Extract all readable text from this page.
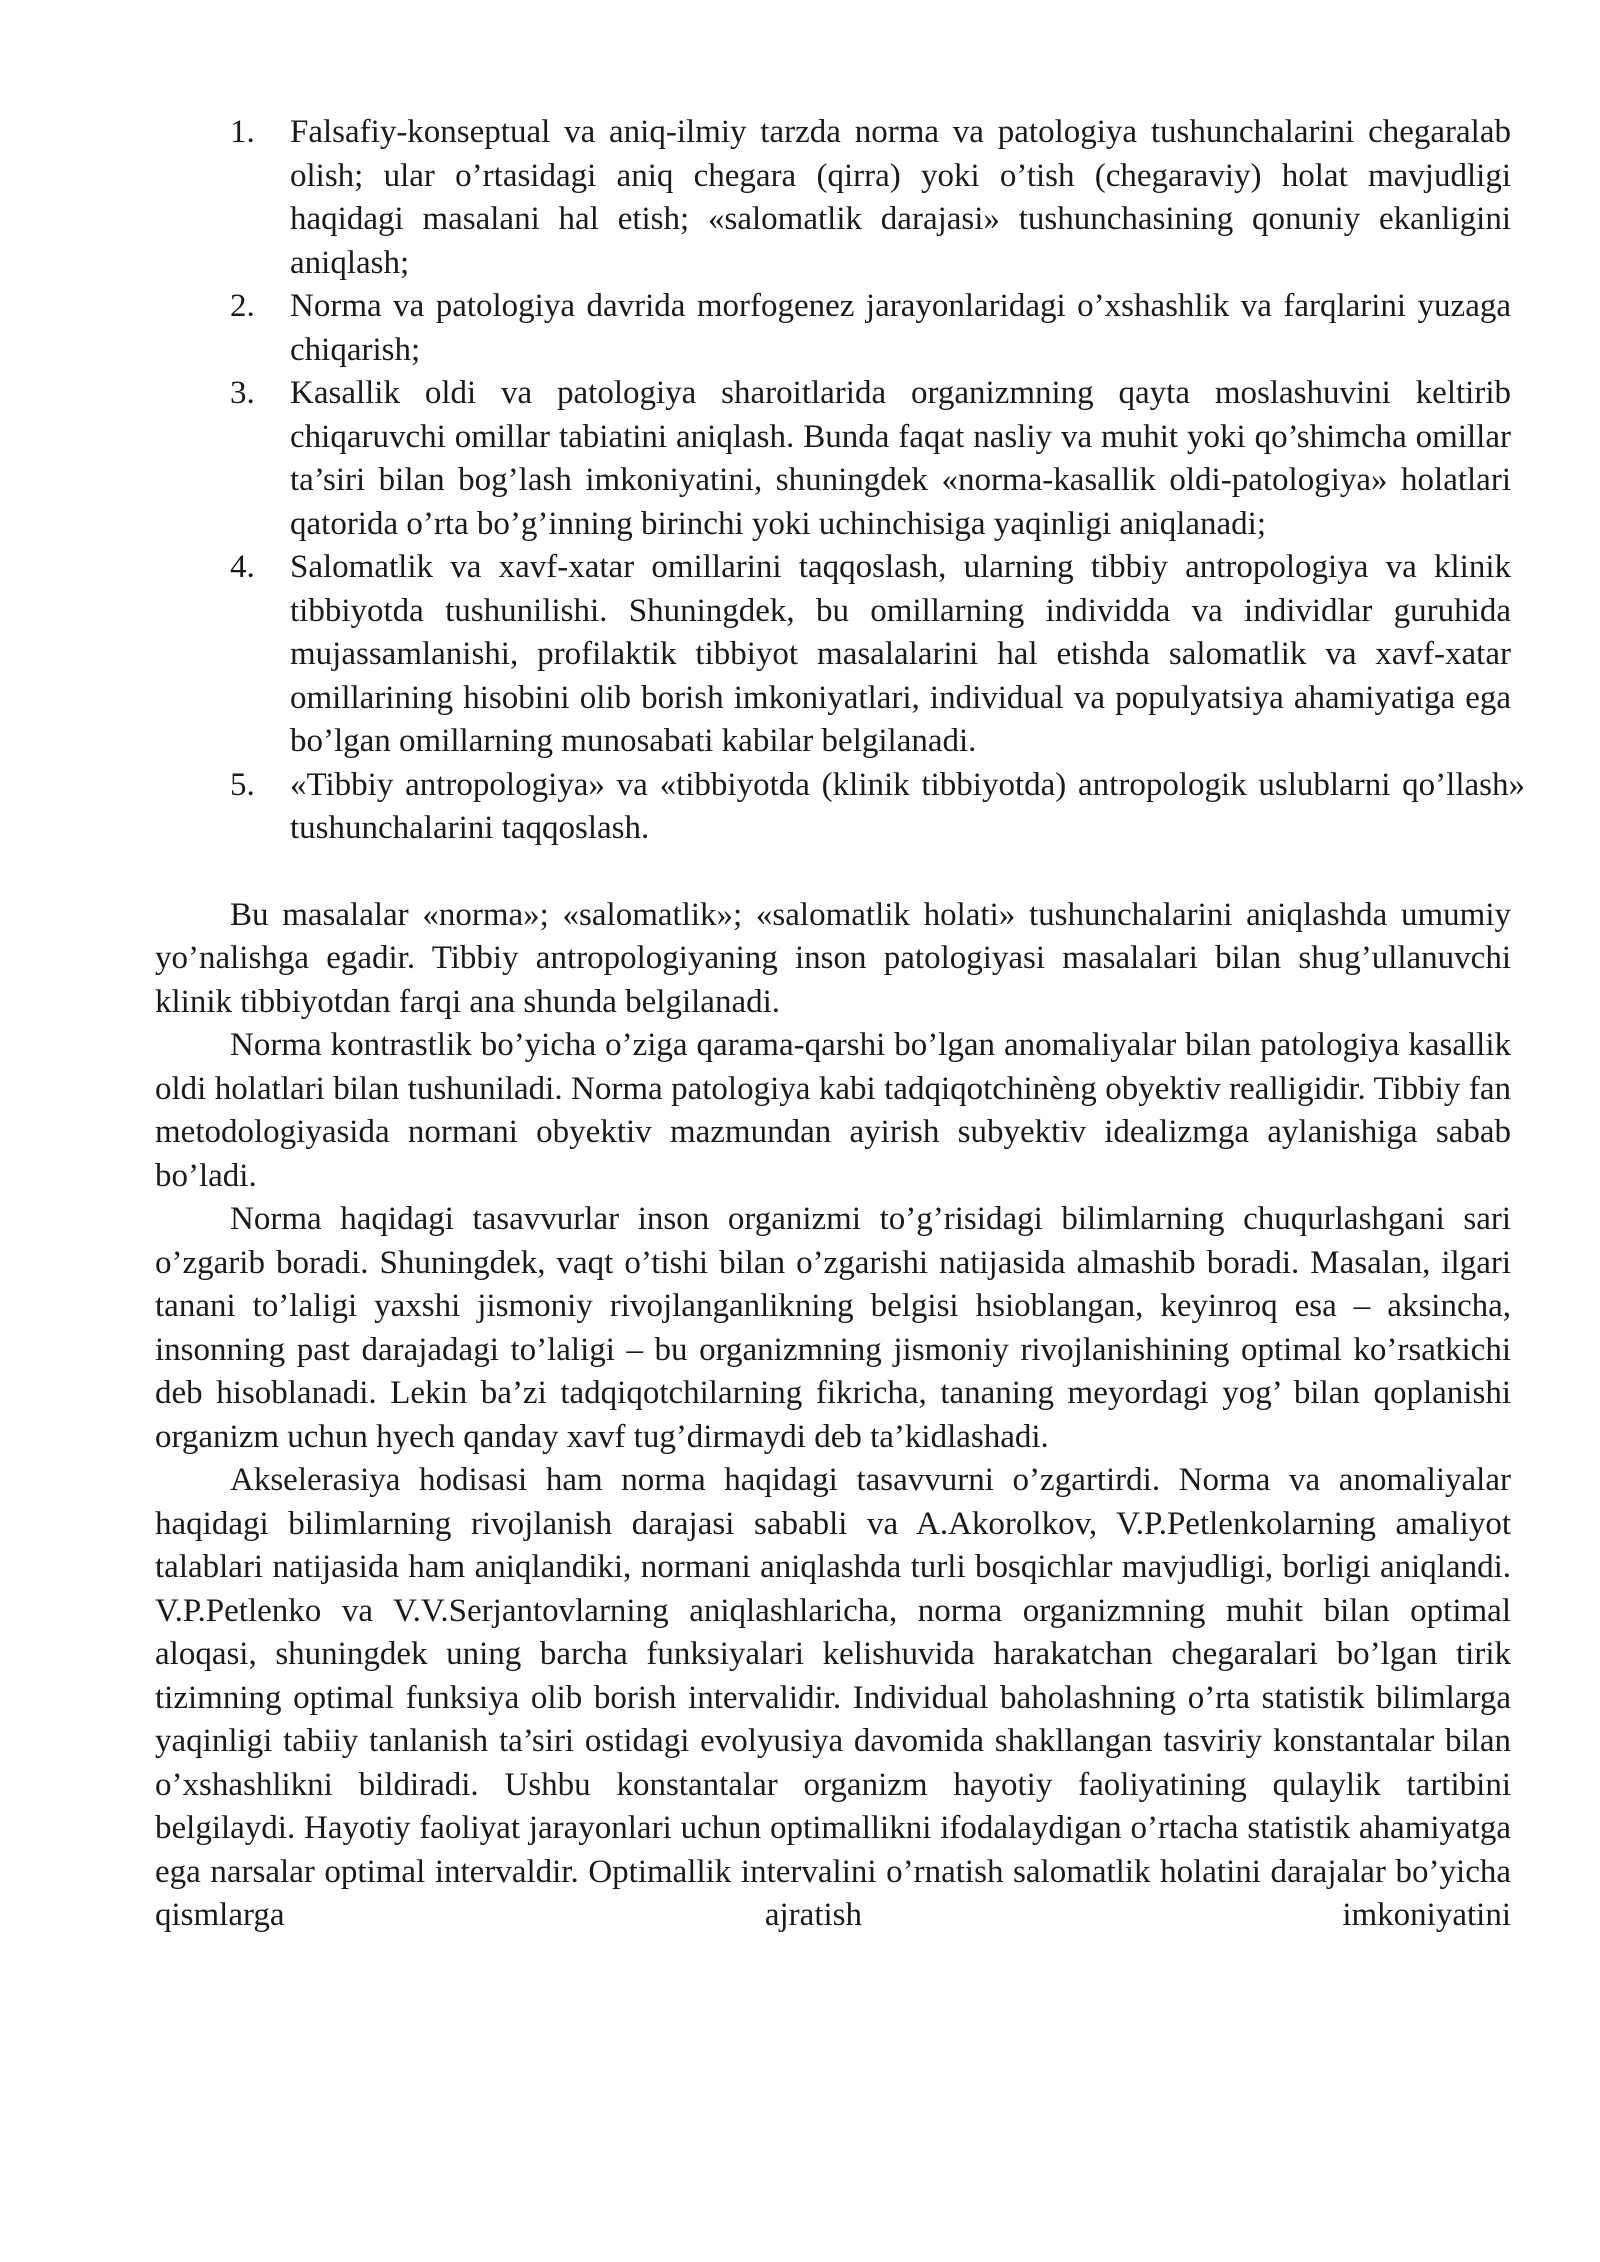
1.	Falsafiy-konseptual va aniq-ilmiy tarzda norma va patologiya tushunchalarini chegaralab olish; ular o’rtasidagi aniq chegara (qirra) yoki o’tish (chegaraviy) holat mavjudligi haqidagi masalani hal etish; «salomatlik darajasi» tushunchasining qonuniy ekanligini aniqlash;
2.	Norma va patologiya davrida morfogenez jarayonlaridagi o’xshashlik va farqlarini yuzaga chiqarish;
3.	Kasallik oldi va patologiya sharoitlarida organizmning qayta moslashuvini keltirib chiqaruvchi omillar tabiatini aniqlash. Bunda faqat nasliy va muhit yoki qo’shimcha omillar ta’siri bilan bog’lash imkoniyatini, shuningdek «norma-kasallik oldi-patologiya» holatlari qatorida o’rta bo’g’inning birinchi yoki uchinchisiga yaqinligi aniqlanadi;
4.	Salomatlik va xavf-xatar omillarini taqqoslash, ularning tibbiy antropologiya va klinik tibbiyotda tushunilishi. Shuningdek, bu omillarning individda va individlar guruhida mujassamlanishi, profilaktik tibbiyot masalalarini hal etishda salomatlik va xavf-xatar omillarining hisobini olib borish imkoniyatlari, individual va populyatsiya ahamiyatiga ega bo’lgan omillarning munosabati kabilar belgilanadi.
5.	«Tibbiy antropologiya» va «tibbiyotda (klinik tibbiyotda) antropologik uslublarni qo’llash» tushunchalarini taqqoslash.

Bu masalalar «norma»; «salomatlik»; «salomatlik holati» tushunchalarini aniqlashda umumiy yo’nalishga egadir. Tibbiy antropologiyaning inson patologiyasi masalalari bilan shug’ullanuvchi klinik tibbiyotdan farqi ana shunda belgilanadi.

Norma kontrastlik bo’yicha o’ziga qarama-qarshi bo’lgan anomaliyalar bilan patologiya kasallik oldi holatlari bilan tushuniladi. Norma patologiya kabi tadqiqotchinèng obyektiv realligidir. Tibbiy fan metodologiyasida normani obyektiv mazmundan ayirish subyektiv idealizmga aylanishiga sabab bo’ladi.

Norma haqidagi tasavvurlar inson organizmi to’g’risidagi bilimlarning chuqurlashgani sari o’zgarib boradi. Shuningdek, vaqt o’tishi bilan o’zgarishi natijasida almashib boradi. Masalan, ilgari tanani to’laligi yaxshi jismoniy rivojlanganlikning belgisi hsioblangan, keyinroq esa – aksincha, insonning past darajadagi to’laligi – bu organizmning jismoniy rivojlanishining optimal ko’rsatkichi deb hisoblanadi. Lekin ba’zi tadqiqotchilarning fikricha, tananing meyordagi yog’ bilan qoplanishi organizm uchun hyech qanday xavf tug’dirmaydi deb ta’kidlashadi.

Akselerasiya hodisasi ham norma haqidagi tasavvurni o’zgartirdi. Norma va anomaliyalar haqidagi bilimlarning rivojlanish darajasi sababli va A.Akorolkov, V.P.Petlenkolarning amaliyot talablari natijasida ham aniqlandiki, normani aniqlashda turli bosqichlar mavjudligi, borligi aniqlandi. V.P.Petlenko va V.V.Serjantovlarning aniqlashlaricha, norma organizmning muhit bilan optimal aloqasi, shuningdek uning barcha funksiyalari kelishuvida harakatchan chegaralari bo’lgan tirik tizimning optimal funksiya olib borish intervalidir. Individual baholashning o’rta statistik bilimlarga yaqinligi tabiiy tanlanish ta’siri ostidagi evolyusiya davomida shakllangan tasviriy konstantalar bilan o’xshashlikni bildiradi. Ushbu konstantalar organizm hayotiy faoliyatining qulaylik tartibini belgilaydi. Hayotiy faoliyat jarayonlari uchun optimallikni ifodalaydigan o’rtacha statistik ahamiyatga ega narsalar optimal intervaldir. Optimallik intervalini o’rnatish salomatlik holatini darajalar bo’yicha qismlarga ajratish imkoniyatini
